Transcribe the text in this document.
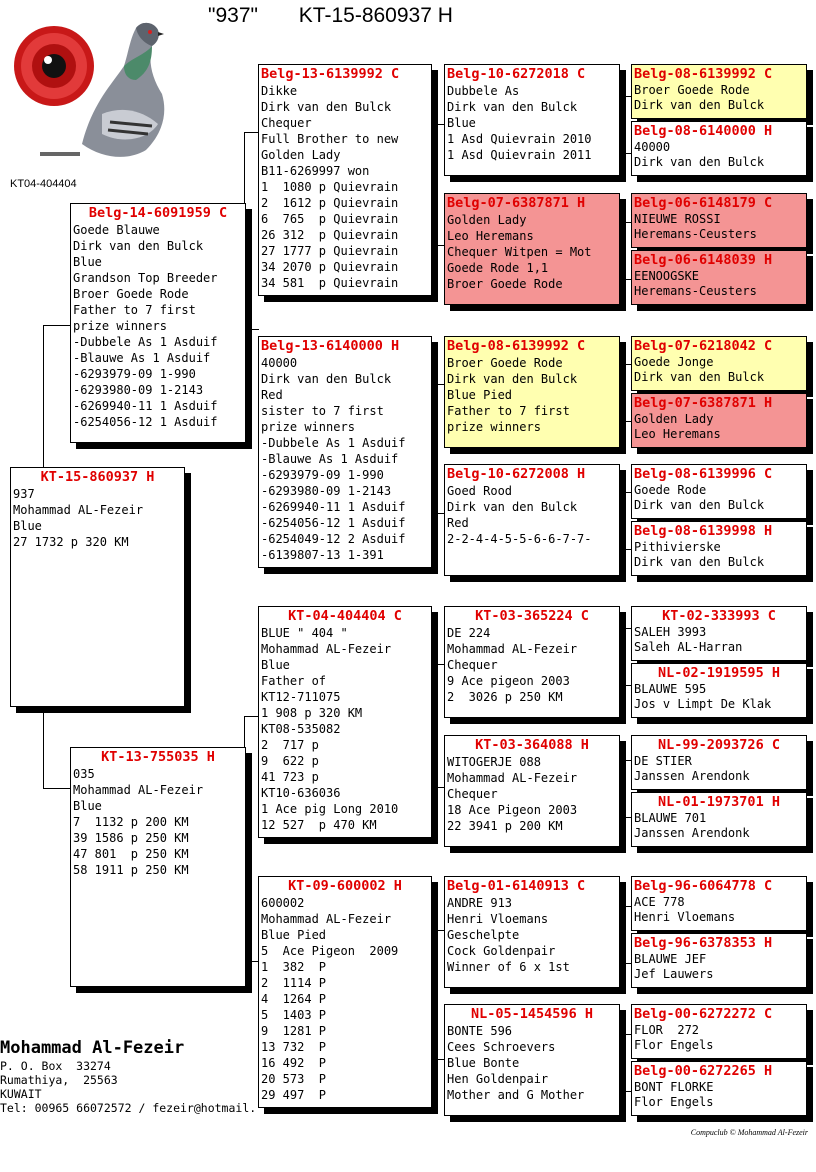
"937" KT-15-860937 H
KT04-404404
KT-15-860937 H
937
Mohammad AL-Fezeir
Blue
27 1732 p 320 KM
Belg-14-6091959 C
Goede Blauwe
Dirk van den Bulck
Blue
Grandson Top Breeder
Broer Goede Rode
Father to 7 first
prize winners
-Dubbele As 1 Asduif
-Blauwe As 1 Asduif
-6293979-09 1-990
-6293980-09 1-2143
-6269940-11 1 Asduif
-6254056-12 1 Asduif
KT-13-755035 H
035
Mohammad AL-Fezeir
Blue
7  1132 p 200 KM
39 1586 p 250 KM
47 801  p 250 KM
58 1911 p 250 KM
Belg-13-6139992 C
Dikke
Dirk van den Bulck
Chequer
Full Brother to new
Golden Lady
B11-6269997 won
1  1080 p Quievrain
2  1612 p Quievrain
6  765  p Quievrain
26 312  p Quievrain
27 1777 p Quievrain
34 2070 p Quievrain
34 581  p Quievrain
Belg-13-6140000 H
40000
Dirk van den Bulck
Red
sister to 7 first
prize winners
-Dubbele As 1 Asduif
-Blauwe As 1 Asduif
-6293979-09 1-990
-6293980-09 1-2143
-6269940-11 1 Asduif
-6254056-12 1 Asduif
-6254049-12 2 Asduif
-6139807-13 1-391
KT-04-404404 C
BLUE " 404 "
Mohammad AL-Fezeir
Blue
Father of
KT12-711075
1 908 p 320 KM
KT08-535082
2  717 p
9  622 p
41 723 p
KT10-636036
1 Ace pig Long 2010
12 527  p 470 KM
KT-09-600002 H
600002
Mohammad AL-Fezeir
Blue Pied
5  Ace Pigeon  2009
1  382  P
2  1114 P
4  1264 P
5  1403 P
9  1281 P
13 732  P
16 492  P
20 573  P
29 497  P
Belg-10-6272018 C
Dubbele As
Dirk van den Bulck
Blue
1 Asd Quievrain 2010
1 Asd Quievrain 2011
Belg-07-6387871 H
Golden Lady
Leo Heremans
Chequer Witpen = Mot
Goede Rode 1,1
Broer Goede Rode
Belg-08-6139992 C
Broer Goede Rode
Dirk van den Bulck
Blue Pied
Father to 7 first
prize winners
Belg-10-6272008 H
Goed Rood
Dirk van den Bulck
Red
2-2-4-4-5-5-6-6-7-7-
KT-03-365224 C
DE 224
Mohammad AL-Fezeir
Chequer
9 Ace pigeon 2003
2  3026 p 250 KM
KT-03-364088 H
WITOGERJE 088
Mohammad AL-Fezeir
Chequer
18 Ace Pigeon 2003
22 3941 p 200 KM
Belg-01-6140913 C
ANDRE 913
Henri Vloemans
Geschelpte
Cock Goldenpair
Winner of 6 x 1st
NL-05-1454596 H
BONTE 596
Cees Schroevers
Blue Bonte
Hen Goldenpair
Mother and G Mother
Belg-08-6139992 C
Broer Goede Rode
Dirk van den Bulck
Belg-08-6140000 H
40000
Dirk van den Bulck
Belg-06-6148179 C
NIEUWE ROSSI
Heremans-Ceusters
Belg-06-6148039 H
EENOOGSKE
Heremans-Ceusters
Belg-07-6218042 C
Goede Jonge
Dirk van den Bulck
Belg-07-6387871 H
Golden Lady
Leo Heremans
Belg-08-6139996 C
Goede Rode
Dirk van den Bulck
Belg-08-6139998 H
Pithivierske
Dirk van den Bulck
KT-02-333993 C
SALEH 3993
Saleh AL-Harran
NL-02-1919595 H
BLAUWE 595
Jos v Limpt De Klak
NL-99-2093726 C
DE STIER
Janssen Arendonk
NL-01-1973701 H
BLAUWE 701
Janssen Arendonk
Belg-96-6064778 C
ACE 778
Henri Vloemans
Belg-96-6378353 H
BLAUWE JEF
Jef Lauwers
Belg-00-6272272 C
FLOR  272
Flor Engels
Belg-00-6272265 H
BONT FLORKE
Flor Engels
Mohammad Al-Fezeir
P. O. Box  33274
Rumathiya,  25563
KUWAIT
Tel: 00965 66072572 / fezeir@hotmail.
Compuclub © Mohammad Al-Fezeir
